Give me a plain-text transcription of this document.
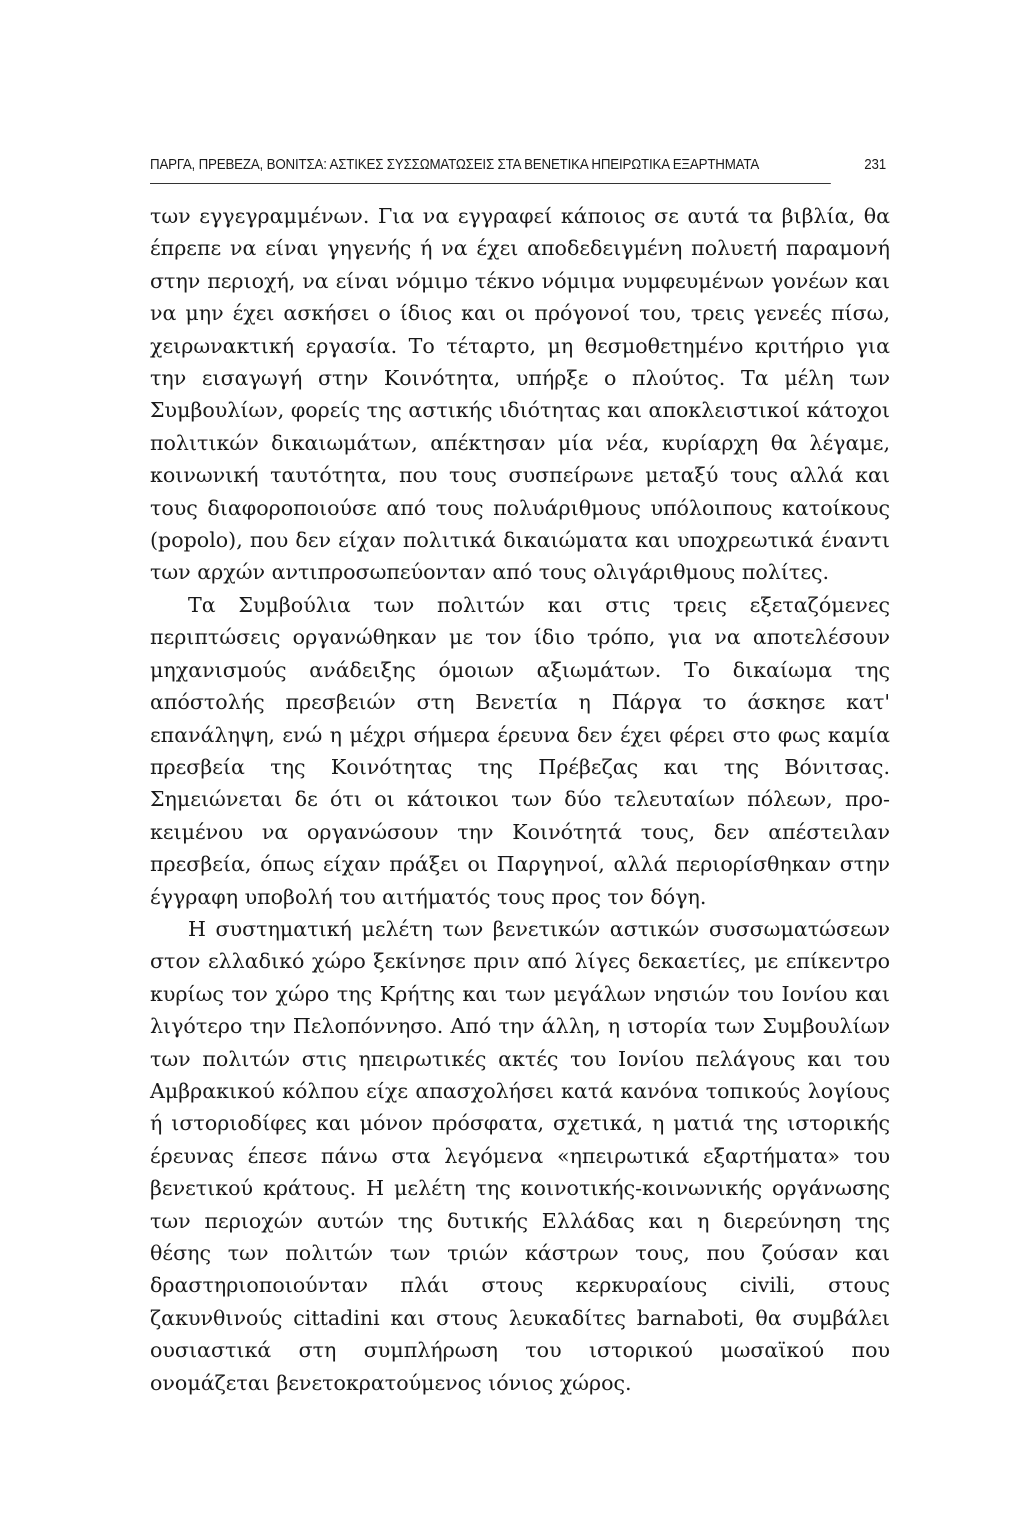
ΠΑΡΓΑ, ΠΡΕΒΕΖΑ, ΒΟΝΙΤΣΑ: ΑΣΤΙΚΕΣ ΣΥΣΣΩΜΑΤΩΣΕΙΣ ΣΤΑ ΒΕΝΕΤΙΚΑ ΗΠΕΙΡΩΤΙΚΑ ΕΞΑΡΤΗΜΑΤΑ	231

των εγγεγραμμένων. Για να εγγραφεί κάποιος σε αυτά τα βιβλία, θα έπρεπε να είναι γηγενής ή να έχει αποδεδειγμένη πολυετή παραμονή στην περιοχή, να είναι νόμιμο τέκνο νόμιμα νυμφευμένων γονέων και να μην έχει ασκήσει ο ίδιος και οι πρόγονοί του, τρεις γενεές πίσω, χειρωνακτική εργασία. Το τέταρτο, μη θεσμοθετημένο κριτήριο για την εισαγωγή στην Κοινότητα, υπήρξε ο πλούτος. Τα μέλη των Συμβουλίων, φορείς της αστικής ιδιότητας και αποκλειστικοί κάτοχοι πολιτικών δικαιωμάτων, απέκτησαν μία νέα, κυρίαρχη θα λέγαμε, κοινωνική ταυτότητα, που τους συσπείρωνε μεταξύ τους αλλά και τους διαφοροποιούσε από τους πολυάριθμους υπόλοιπους κατοίκους (popolo), που δεν είχαν πολιτικά δικαιώματα και υποχρεωτικά έναντι των αρχών αντιπροσωπεύονταν από τους ολιγάριθμους πολίτες.

Τα Συμβούλια των πολιτών και στις τρεις εξεταζόμενες περιπτώσεις οργανώθηκαν με τον ίδιο τρόπο, για να αποτελέσουν μηχανισμούς ανάδειξης όμοιων αξιωμάτων. Το δικαίωμα της απόστολής πρεσβειών στη Βενετία η Πάργα το άσκησε κατ' επανάληψη, ενώ η μέχρι σήμερα έρευνα δεν έχει φέρει στο φως καμία πρεσβεία της Κοινότητας της Πρέβεζας και της Βόνιτσας. Σημειώνεται δε ότι οι κάτοικοι των δύο τελευταίων πόλεων, προκειμένου να οργανώσουν την Κοινότητά τους, δεν απέστειλαν πρεσβεία, όπως είχαν πράξει οι Παργηνοί, αλλά περιορίσθηκαν στην έγγραφη υποβολή του αιτήματός τους προς τον δόγη.

Η συστηματική μελέτη των βενετικών αστικών συσσωματώσεων στον ελλαδικό χώρο ξεκίνησε πριν από λίγες δεκαετίες, με επίκεντρο κυρίως τον χώρο της Κρήτης και των μεγάλων νησιών του Ιονίου και λιγότερο την Πελοπόννησο. Από την άλλη, η ιστορία των Συμβουλίων των πολιτών στις ηπειρωτικές ακτές του Ιονίου πελάγους και του Αμβρακικού κόλπου είχε απασχολήσει κατά κανόνα τοπικούς λογίους ή ιστοριοδίφες και μόνον πρόσφατα, σχετικά, η ματιά της ιστορικής έρευνας έπεσε πάνω στα λεγόμενα «ηπειρωτικά εξαρτήματα» του βενετικού κράτους. Η μελέτη της κοινοτικής-κοινωνικής οργάνωσης των περιοχών αυτών της δυτικής Ελλάδας και η διερεύνηση της θέσης των πολιτών των τριών κάστρων τους, που ζούσαν και δραστηριοποιούνταν πλάι στους κερκυραίους civili, στους ζακυνθινούς cittadini και στους λευκαδίτες barnaboti, θα συμβάλει ουσιαστικά στη συμπλήρωση του ιστορικού μωσαϊκού που ονομάζεται βενετοκρατούμενος ιόνιος χώρος.
